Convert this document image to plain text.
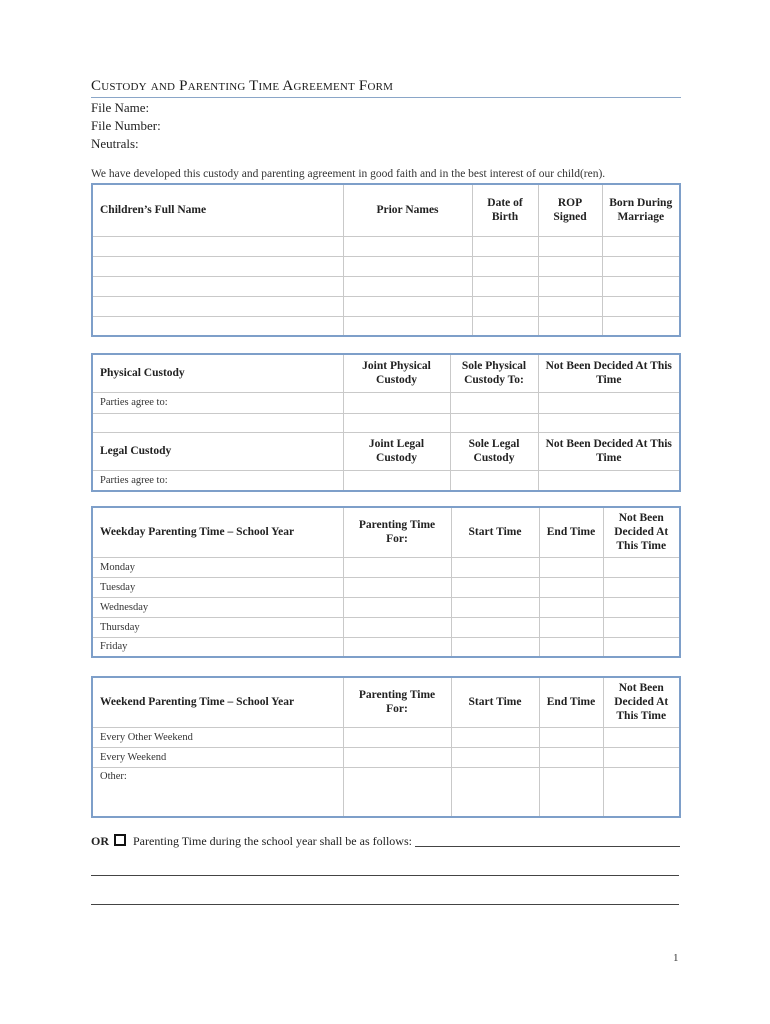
Custody and Parenting Time Agreement Form
File Name:
File Number:
Neutrals:
We have developed this custody and parenting agreement in good faith and in the best interest of our child(ren).
Children’s Full Name	Prior Names	Date of Birth	ROP Signed	Born During Marriage

Physical Custody	Joint Physical Custody	Sole Physical Custody To:	Not Been Decided At This Time
Parties agree to:			

Legal Custody	Joint Legal Custody	Sole Legal Custody	Not Been Decided At This Time
Parties agree to:			
Weekday Parenting Time – School Year	Parenting Time For:	Start Time	End Time	Not Been Decided At This Time
Monday				
Tuesday				
Wednesday				
Thursday				
Friday				
Weekend Parenting Time – School Year	Parenting Time For:	Start Time	End Time	Not Been Decided At This Time
Every Other Weekend				
Every Weekend				
Other:				
OR Parenting Time during the school year shall be as follows:
1
